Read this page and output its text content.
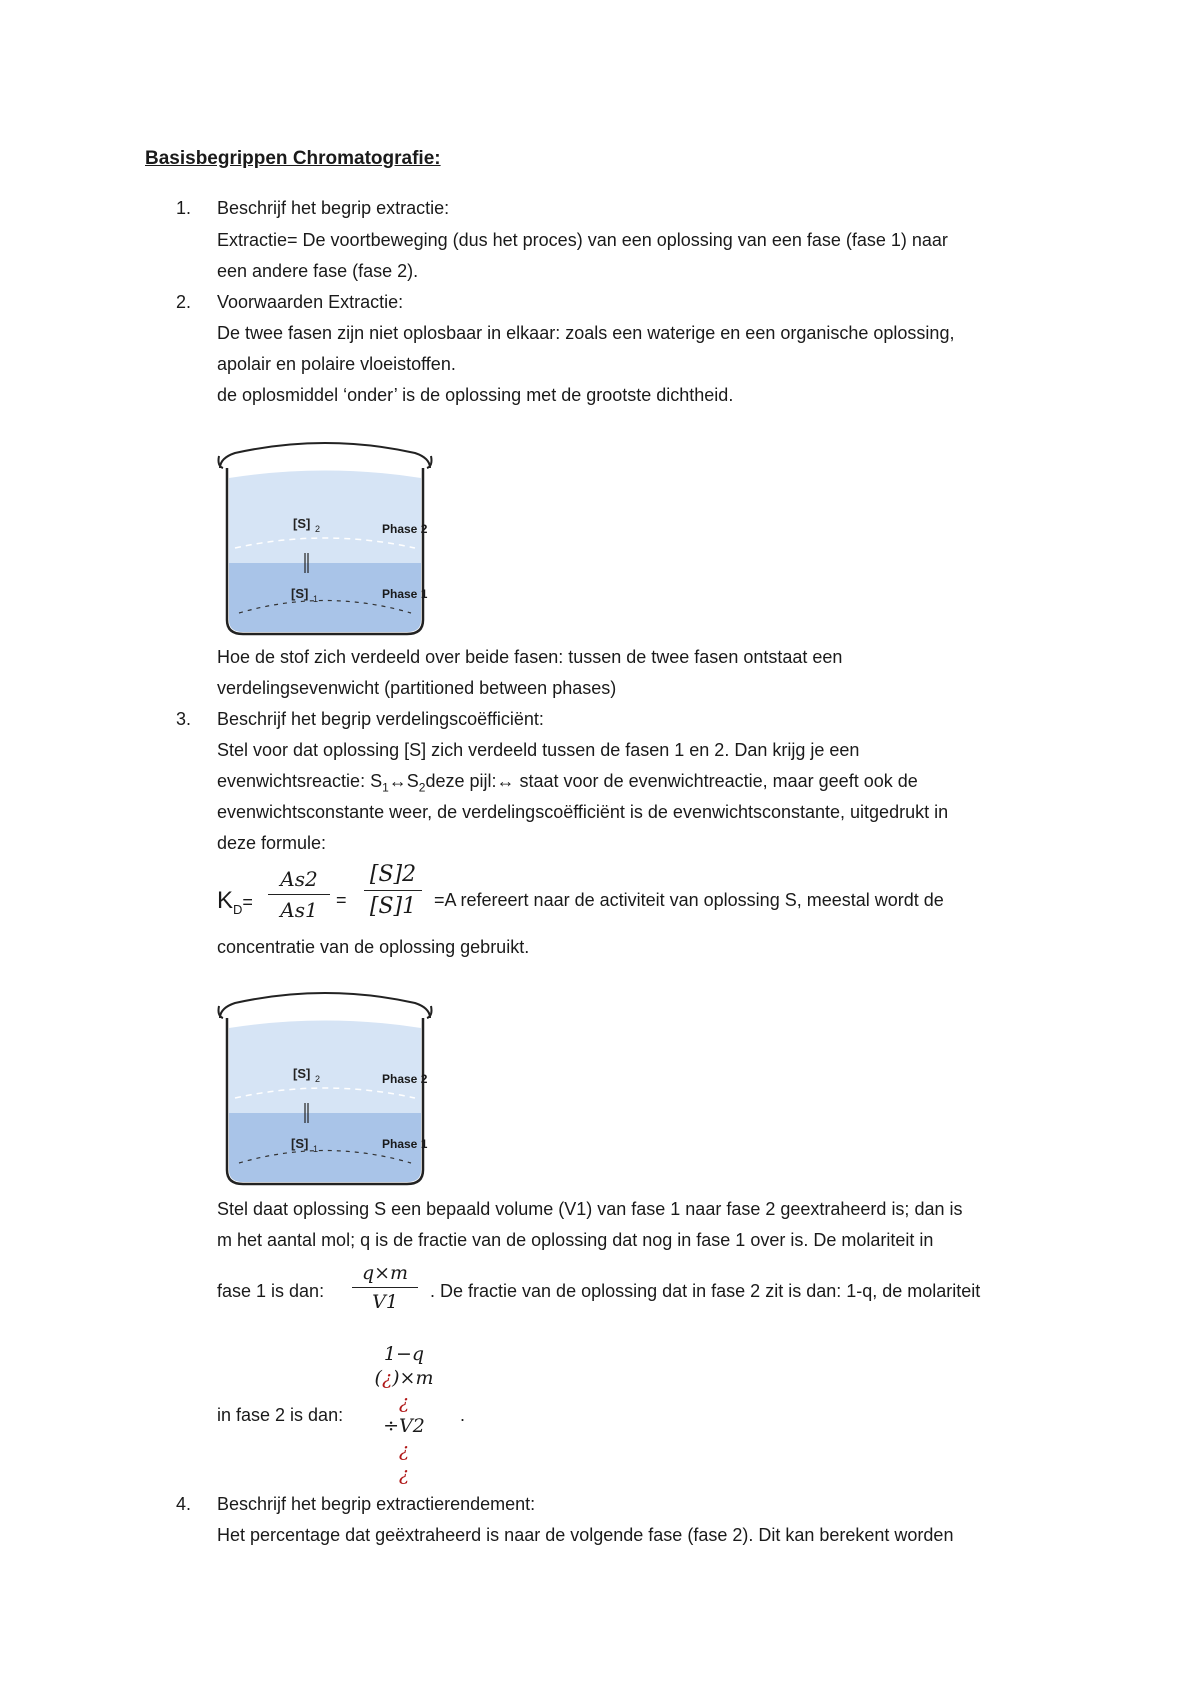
Basisbegrippen Chromatografie:
1. Beschrijf het begrip extractie:
Extractie= De voortbeweging (dus het proces) van een oplossing van een fase (fase 1) naar
een andere fase (fase 2).
2. Voorwaarden Extractie:
De twee fasen zijn niet oplosbaar in elkaar: zoals een waterige en een organische oplossing,
apolair en polaire vloeistoffen.
de oplosmiddel ‘onder’ is de oplossing met de grootste dichtheid.
[S] 2
[S] 1
Phase 2
Phase 1
Hoe de stof zich verdeeld over beide fasen: tussen de twee fasen ontstaat een
verdelingsevenwicht (partitioned between phases)
3. Beschrijf het begrip verdelingscoëfficiënt:
Stel voor dat oplossing [S] zich verdeeld tussen de fasen 1 en 2. Dan krijg je een
evenwichtsreactie: $S_1\leftrightarrow S_2deze$ pijl:↔ staat voor de evenwichtreactie, maar geeft ook de
evenwichtsconstante weer, de verdelingscoëfficiënt is de evenwichtsconstante, uitgedrukt in
deze formule:
$K_D=$
As2
As1	=
[S]2
[S]1 =A refereert naar de activiteit van oplossing S, meestal wordt de
concentratie van de oplossing gebruikt.
[S] 2
[S] 1
Phase 2
Phase 1
Stel daat oplossing S een bepaald volume (V1) van fase 1 naar fase 2 geextraheerd is; dan is
m het aantal mol; q is de fractie van de oplossing dat nog in fase 1 over is. De molariteit in
fase 1 is dan:
q×m
V1	. De fractie van de oplossing dat in fase 2 zit is dan: 1-q, de molariteit
in fase 2 is dan:
1−q
(¿)×m
¿
÷V2
¿
¿
.
4. Beschrijf het begrip extractierendement:
Het percentage dat geëxtraheerd is naar de volgende fase (fase 2). Dit kan berekent worden
